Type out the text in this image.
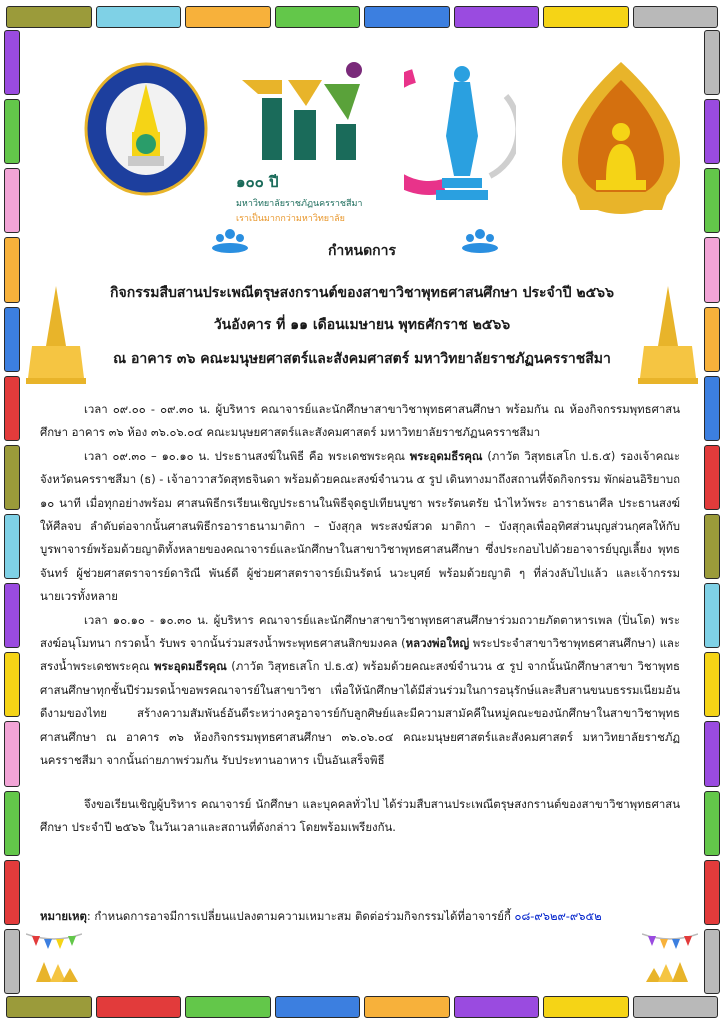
๑๐๐ ปี
มหาวิทยาลัยราชภัฏนครราชสีมา
เราเป็นมากกว่ามหาวิทยาลัย
กำหนดการ
กิจกรรมสืบสานประเพณีตรุษสงกรานต์ของสาขาวิชาพุทธศาสนศึกษา ประจำปี ๒๕๖๖
วันอังคาร ที่ ๑๑ เดือนเมษายน พุทธศักราช ๒๕๖๖
ณ อาคาร ๓๖ คณะมนุษยศาสตร์และสังคมศาสตร์ มหาวิทยาลัยราชภัฏนครราชสีมา

เวลา ๐๙.๐๐ - ๐๙.๓๐ น. ผู้บริหาร คณาจารย์และนักศึกษาสาขาวิชาพุทธศาสนศึกษา พร้อมกัน ณ ห้องกิจกรรมพุทธศาสนศึกษา อาคาร ๓๖ ห้อง ๓๖.๐๖.๐๔ คณะมนุษยศาสตร์และสังคมศาสตร์ มหาวิทยาลัยราชภัฏนครราชสีมา

เวลา ๐๙.๓๐ – ๑๐.๑๐ น. ประธานสงฆ์ในพิธี คือ พระเดชพระคุณ พระอุดมธีรคุณ (ภาวัต วิสุทธเสโก ป.ธ.๕) รองเจ้าคณะจังหวัดนครราชสีมา (ธ) - เจ้าอาวาสวัดสุทธจินดา พร้อมด้วยคณะสงฆ์จำนวน ๕ รูป เดินทางมาถึงสถานที่จัดกิจกรรม พักผ่อนอิริยาบถ ๑๐ นาที เมื่อทุกอย่างพร้อม ศาสนพิธีกรเรียนเชิญประธานในพิธีจุดธูปเทียนบูชา พระรัตนตรัย นำไหว้พระ อาราธนาศีล ประธานสงฆ์ให้ศีลจบ ลำดับต่อจากนั้นศาสนพิธีกรอาราธนามาติกา – บังสุกุล พระสงฆ์สวด มาติกา – บังสุกุลเพื่ออุทิศส่วนบุญส่วนกุศลให้กับบูรพาจารย์พร้อมด้วยญาติทั้งหลายของคณาจารย์และนักศึกษาในสาขาวิชาพุทธศาสนศึกษา ซึ่งประกอบไปด้วยอาจารย์บุญเลี้ยง พุทธจันทร์ ผู้ช่วยศาสตราจารย์ดาริณี พันธ์ดี ผู้ช่วยศาสตราจารย์เมินรัตน์ นวะบุศย์ พร้อมด้วยญาติ ๆ ที่ล่วงลับไปแล้ว และเจ้ากรรมนายเวรทั้งหลาย

เวลา ๑๐.๑๐ - ๑๐.๓๐ น. ผู้บริหาร คณาจารย์และนักศึกษาสาขาวิชาพุทธศาสนศึกษาร่วมถวายภัตตาหารเพล (ปิ่นโต) พระสงฆ์อนุโมทนา กรวดน้ำ รับพร จากนั้นร่วมสรงน้ำพระพุทธศาสนสิกขมงคล (หลวงพ่อใหญ่ พระประจำสาขาวิชาพุทธศาสนศึกษา) และสรงน้ำพระเดชพระคุณ พระอุดมธีรคุณ (ภาวัต วิสุทธเสโก ป.ธ.๕) พร้อมด้วยคณะสงฆ์จำนวน ๕ รูป จากนั้นนักศึกษาสาขา วิชาพุทธศาสนศึกษาทุกชั้นปีร่วมรดน้ำขอพรคณาจารย์ในสาขาวิชา เพื่อให้นักศึกษาได้มีส่วนร่วมในการอนุรักษ์และสืบสานขนบธรรมเนียมอันดีงามของไทย สร้างความสัมพันธ์อันดีระหว่างครูอาจารย์กับลูกศิษย์และมีความสามัคคีในหมู่คณะของนักศึกษาในสาขาวิชาพุทธศาสนศึกษา ณ อาคาร ๓๖ ห้องกิจกรรมพุทธศาสนศึกษา ๓๖.๐๖.๐๔ คณะมนุษยศาสตร์และสังคมศาสตร์ มหาวิทยาลัยราชภัฏนครราชสีมา จากนั้นถ่ายภาพร่วมกัน รับประทานอาหาร เป็นอันเสร็จพิธี

จึงขอเรียนเชิญผู้บริหาร คณาจารย์ นักศึกษา และบุคคลทั่วไป ได้ร่วมสืบสานประเพณีตรุษสงกรานต์ของสาขาวิชาพุทธศาสนศึกษา ประจำปี ๒๕๖๖ ในวันเวลาและสถานที่ดังกล่าว โดยพร้อมเพรียงกัน.

หมายเหตุ: กำหนดการอาจมีการเปลี่ยนแปลงตามความเหมาะสม ติดต่อร่วมกิจกรรมได้ที่อาจารย์กี้ ๐๘-๙๖๒๙-๙๖๕๒
